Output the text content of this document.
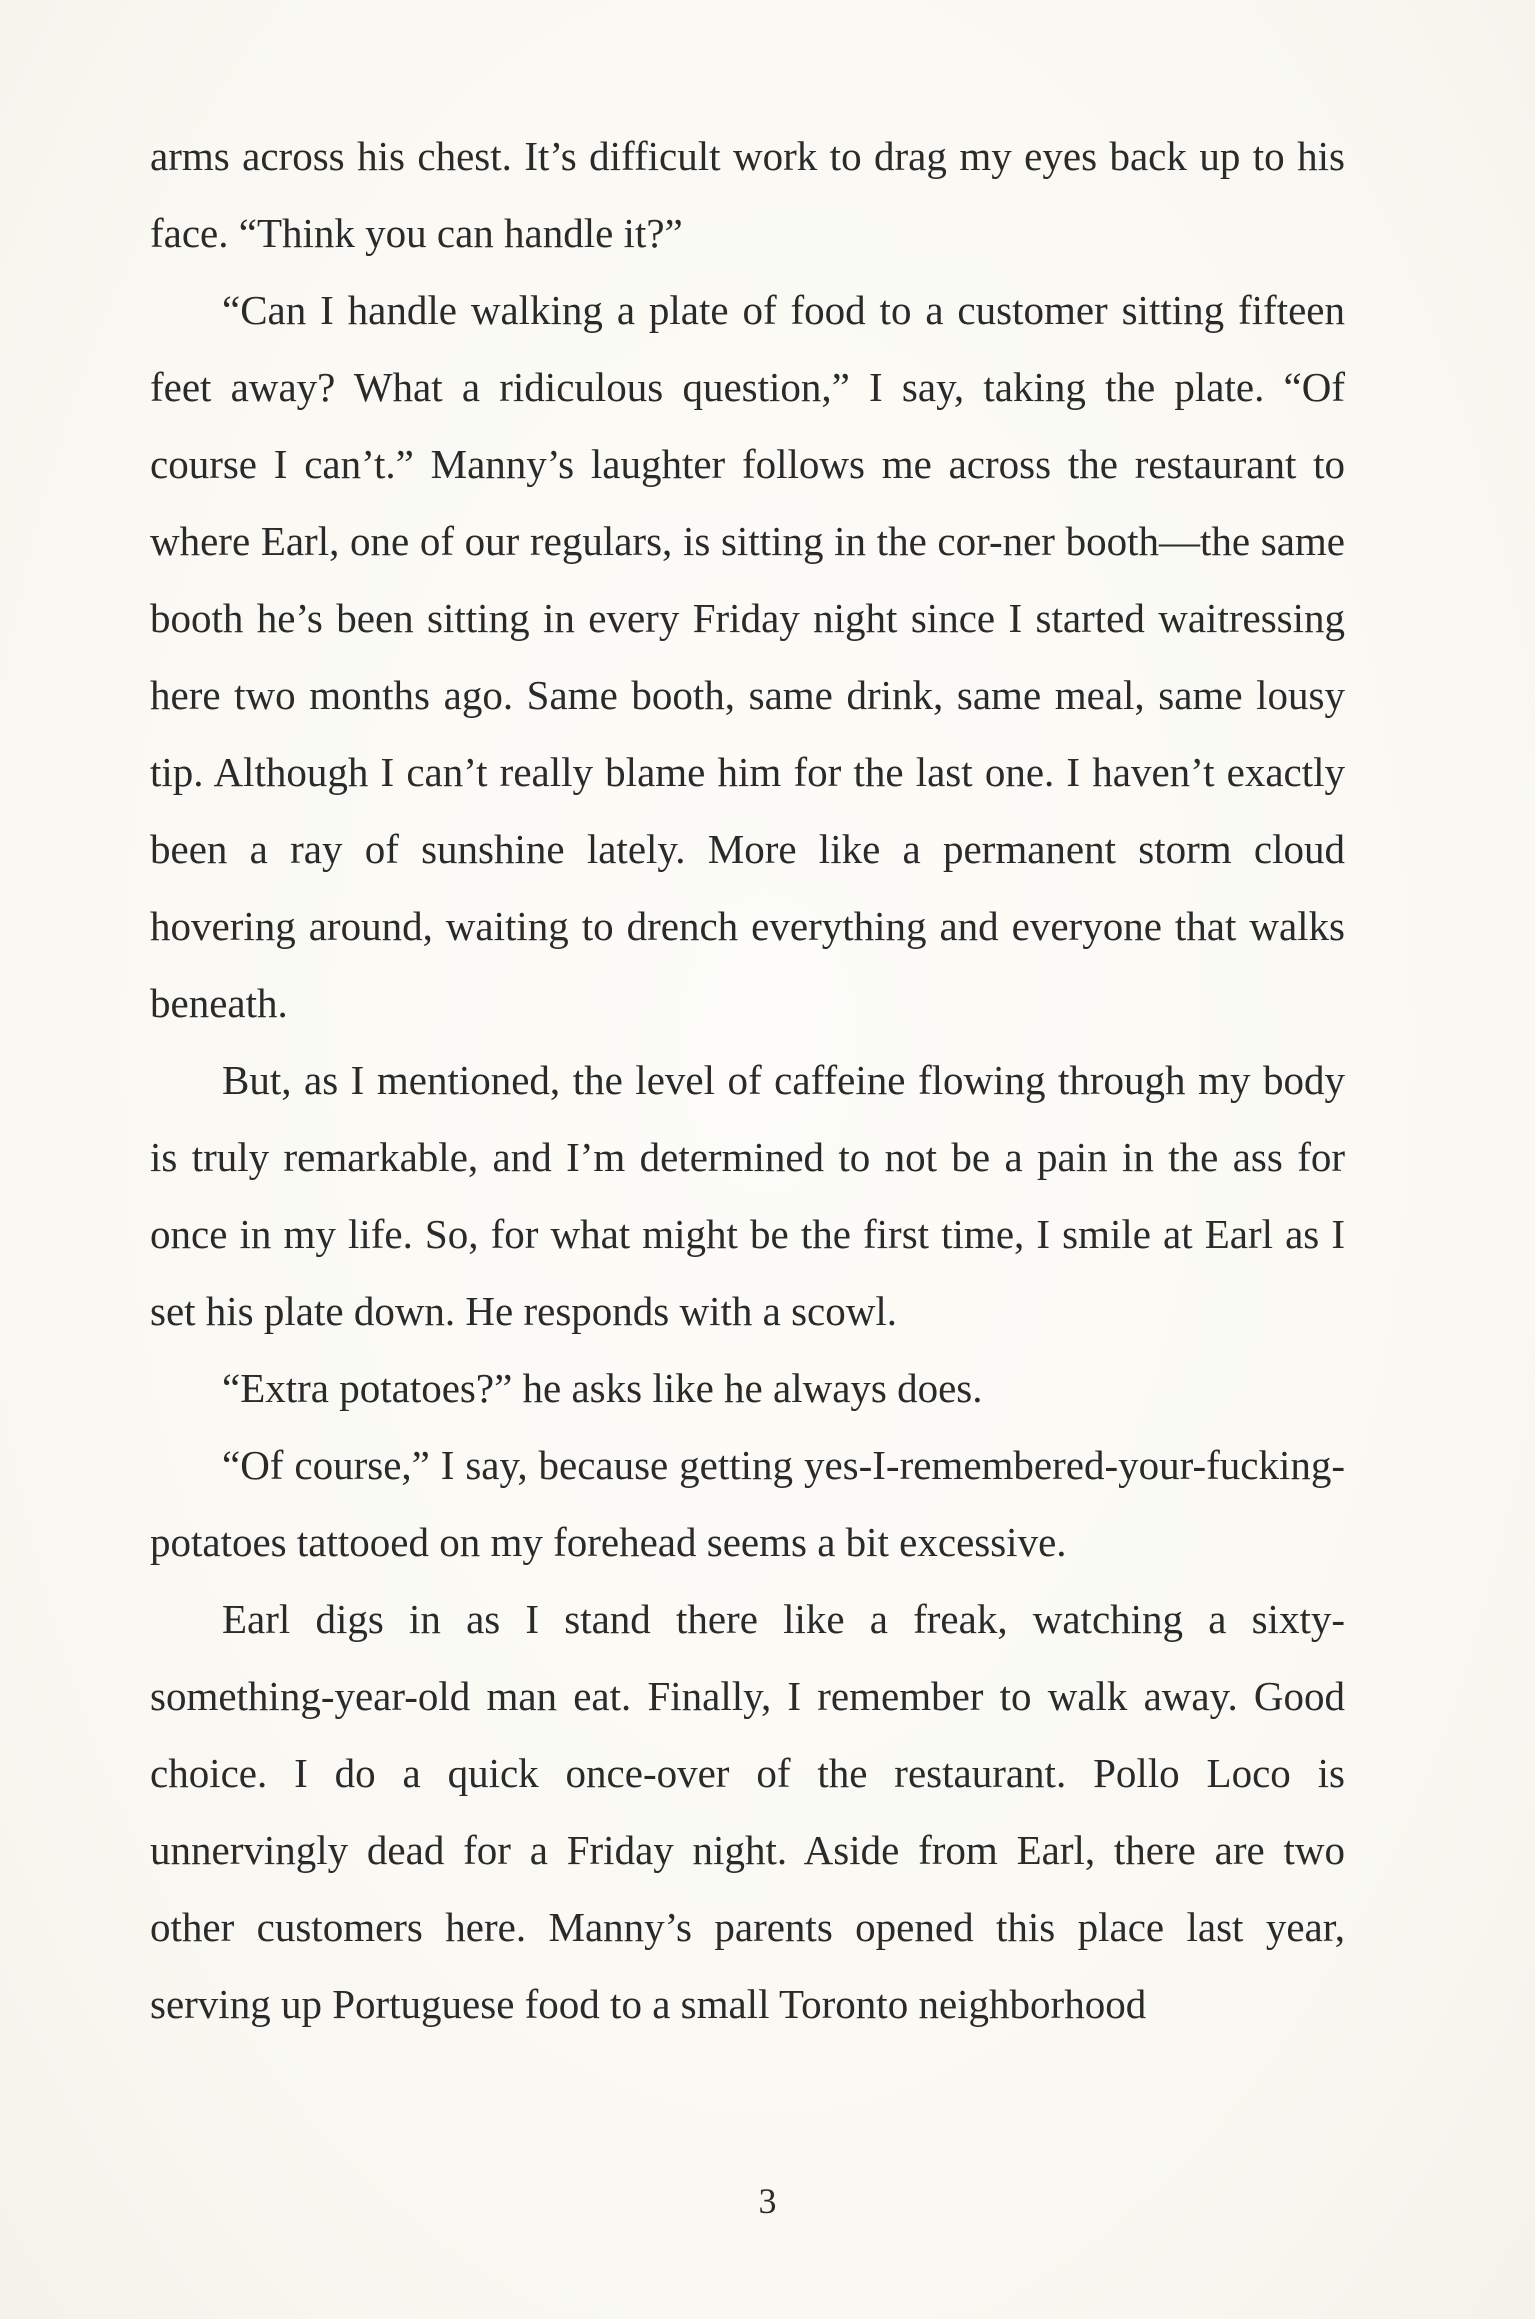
arms across his chest. It’s difficult work to drag my eyes back up to his face. “Think you can handle it?”

“Can I handle walking a plate of food to a customer sitting fifteen feet away? What a ridiculous question,” I say, taking the plate. “Of course I can’t.” Manny’s laughter follows me across the restaurant to where Earl, one of our regulars, is sitting in the cor-ner booth—the same booth he’s been sitting in every Friday night since I started waitressing here two months ago. Same booth, same drink, same meal, same lousy tip. Although I can’t really blame him for the last one. I haven’t exactly been a ray of sunshine lately. More like a permanent storm cloud hovering around, waiting to drench everything and everyone that walks beneath.

But, as I mentioned, the level of caffeine flowing through my body is truly remarkable, and I’m determined to not be a pain in the ass for once in my life. So, for what might be the first time, I smile at Earl as I set his plate down. He responds with a scowl.

“Extra potatoes?” he asks like he always does.

“Of course,” I say, because getting yes-I-remembered-your-fucking-potatoes tattooed on my forehead seems a bit excessive.

Earl digs in as I stand there like a freak, watching a sixty-something-year-old man eat. Finally, I remember to walk away. Good choice. I do a quick once-over of the restaurant. Pollo Loco is unnervingly dead for a Friday night. Aside from Earl, there are two other customers here. Manny’s parents opened this place last year, serving up Portuguese food to a small Toronto neighborhood

3
